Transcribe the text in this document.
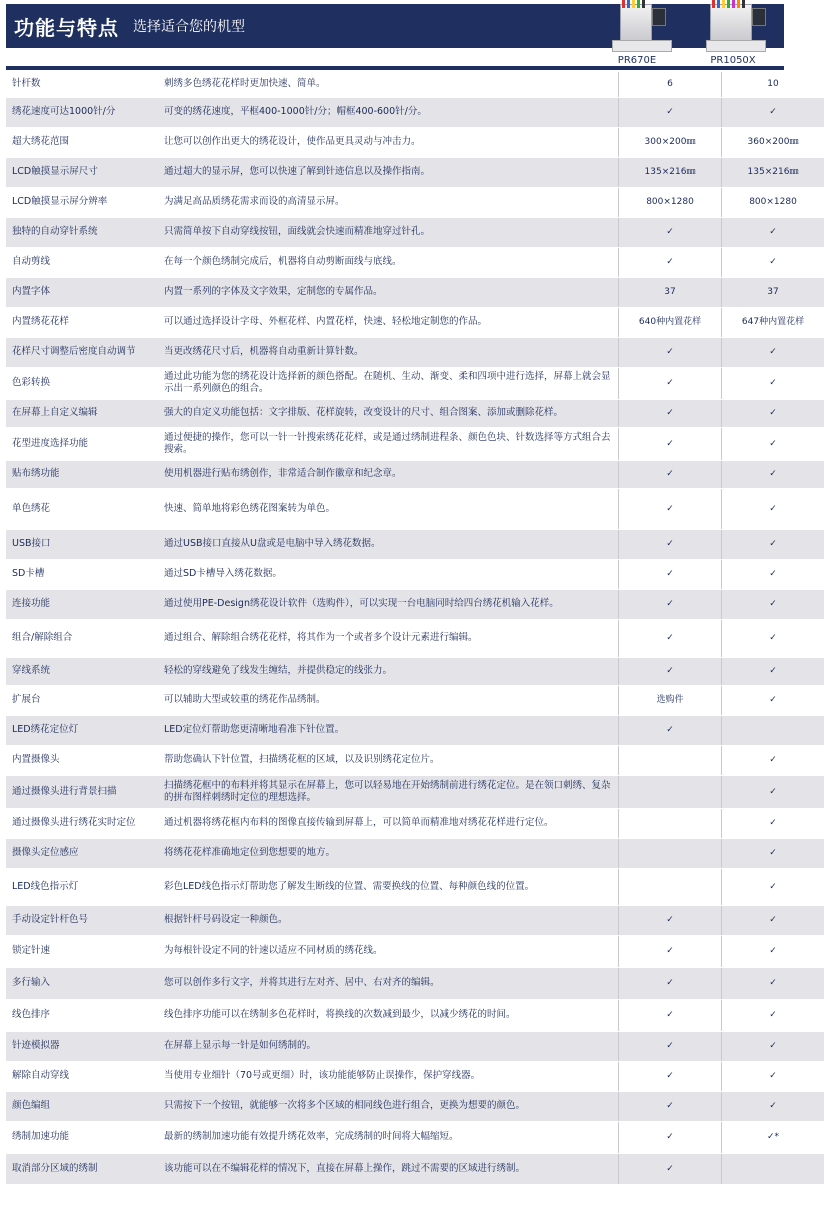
功能与特点 选择适合您的机型
PR670E	PR1050X
针杆数	刺绣多色绣花花样时更加快速、简单。	6	10
绣花速度可达1000针/分	可变的绣花速度，平框400-1000针/分；帽框400-600针/分。	✓	✓
超大绣花范围	让您可以创作出更大的绣花设计，使作品更具灵动与冲击力。	300×200㎜	360×200㎜
LCD触摸显示屏尺寸	通过超大的显示屏，您可以快速了解到针迹信息以及操作指南。	135×216㎜	135×216㎜
LCD触摸显示屏分辨率	为满足高品质绣花需求而设的高清显示屏。	800×1280	800×1280
独特的自动穿针系统	只需简单按下自动穿线按钮，面线就会快速而精准地穿过针孔。	✓	✓
自动剪线	在每一个颜色绣制完成后，机器将自动剪断面线与底线。	✓	✓
内置字体	内置一系列的字体及文字效果，定制您的专属作品。	37	37
内置绣花花样	可以通过选择设计字母、外框花样、内置花样，快速、轻松地定制您的作品。	640种内置花样	647种内置花样
花样尺寸调整后密度自动调节	当更改绣花尺寸后，机器将自动重新计算针数。	✓	✓
色彩转换	通过此功能为您的绣花设计选择新的颜色搭配。在随机、生动、渐变、柔和四项中进行选择，屏幕上就会显示出一系列颜色的组合。	✓	✓
在屏幕上自定义编辑	强大的自定义功能包括：文字排版、花样旋转，改变设计的尺寸、组合图案、添加或删除花样。	✓	✓
花型进度选择功能	通过便捷的操作，您可以一针一针搜索绣花花样，或是通过绣制进程条、颜色色块、针数选择等方式组合去搜索。	✓	✓
贴布绣功能	使用机器进行贴布绣创作，非常适合制作徽章和纪念章。	✓	✓
单色绣花	快速、简单地将彩色绣花图案转为单色。	✓	✓
USB接口	通过USB接口直接从U盘或是电脑中导入绣花数据。	✓	✓
SD卡槽	通过SD卡槽导入绣花数据。	✓	✓
连接功能	通过使用PE-Design绣花设计软件（选购件），可以实现一台电脑同时给四台绣花机输入花样。	✓	✓
组合/解除组合	通过组合、解除组合绣花花样，将其作为一个或者多个设计元素进行编辑。	✓	✓
穿线系统	轻松的穿线避免了线发生缠结，并提供稳定的线张力。	✓	✓
扩展台	可以辅助大型或较重的绣花作品绣制。	选购件	✓
LED绣花定位灯	LED定位灯帮助您更清晰地看准下针位置。	✓	
内置摄像头	帮助您确认下针位置，扫描绣花框的区域，以及识别绣花定位片。		✓
通过摄像头进行背景扫描	扫描绣花框中的布料并将其显示在屏幕上，您可以轻易地在开始绣制前进行绣花定位。是在领口刺绣、复杂的拼布图样刺绣时定位的理想选择。		✓
通过摄像头进行绣花实时定位	通过机器将绣花框内布料的图像直接传输到屏幕上，可以简单而精准地对绣花花样进行定位。		✓
摄像头定位感应	将绣花花样准确地定位到您想要的地方。		✓
LED线色指示灯	彩色LED线色指示灯帮助您了解发生断线的位置、需要换线的位置、每种颜色线的位置。		✓
手动设定针杆色号	根据针杆号码设定一种颜色。	✓	✓
锁定针速	为每根针设定不同的针速以适应不同材质的绣花线。	✓	✓
多行输入	您可以创作多行文字，并将其进行左对齐、居中、右对齐的编辑。	✓	✓
线色排序	线色排序功能可以在绣制多色花样时，将换线的次数减到最少，以减少绣花的时间。	✓	✓
针迹模拟器	在屏幕上显示每一针是如何绣制的。	✓	✓
解除自动穿线	当使用专业细针（70号或更细）时，该功能能够防止误操作，保护穿线器。	✓	✓
颜色编组	只需按下一个按钮，就能够一次将多个区域的相同线色进行组合，更换为想要的颜色。	✓	✓
绣制加速功能	最新的绣制加速功能有效提升绣花效率，完成绣制的时间将大幅缩短。	✓	✓*
取消部分区域的绣制	该功能可以在不编辑花样的情况下，直接在屏幕上操作，跳过不需要的区域进行绣制。	✓	
